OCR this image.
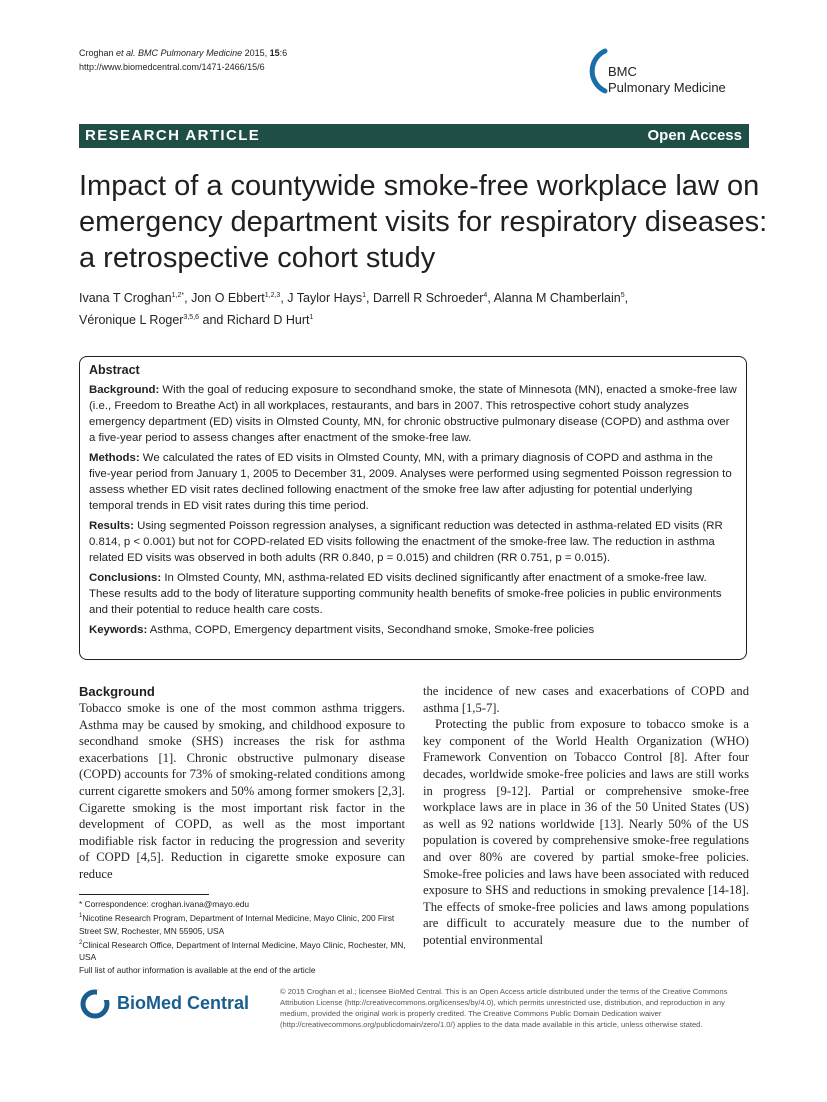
Croghan et al. BMC Pulmonary Medicine 2015, 15:6
http://www.biomedcentral.com/1471-2466/15/6	BMC
Pulmonary Medicine
RESEARCH ARTICLE	Open Access
Impact of a countywide smoke-free workplace law on emergency department visits for respiratory diseases: a retrospective cohort study
Ivana T Croghan$^{1,2*}$, Jon O Ebbert$^{1,2,3}$, J Taylor Hays$^1$, Darrell R Schroeder$^4$, Alanna M Chamberlain$^5$,
Véronique L Roger$^{3,5,6}$ and Richard D Hurt$^1$
Abstract

Background: With the goal of reducing exposure to secondhand smoke, the state of Minnesota (MN), enacted a smoke-free law (i.e., Freedom to Breathe Act) in all workplaces, restaurants, and bars in 2007. This retrospective cohort study analyzes emergency department (ED) visits in Olmsted County, MN, for chronic obstructive pulmonary disease (COPD) and asthma over a five-year period to assess changes after enactment of the smoke-free law.

Methods: We calculated the rates of ED visits in Olmsted County, MN, with a primary diagnosis of COPD and asthma in the five-year period from January 1, 2005 to December 31, 2009. Analyses were performed using segmented Poisson regression to assess whether ED visit rates declined following enactment of the smoke free law after adjusting for potential underlying temporal trends in ED visit rates during this time period.

Results: Using segmented Poisson regression analyses, a significant reduction was detected in asthma-related ED visits (RR 0.814, p < 0.001) but not for COPD-related ED visits following the enactment of the smoke-free law. The reduction in asthma related ED visits was observed in both adults (RR 0.840, p = 0.015) and children (RR 0.751, p = 0.015).

Conclusions: In Olmsted County, MN, asthma-related ED visits declined significantly after enactment of a smoke-free law. These results add to the body of literature supporting community health benefits of smoke-free policies in public environments and their potential to reduce health care costs.

Keywords: Asthma, COPD, Emergency department visits, Secondhand smoke, Smoke-free policies

Background

Tobacco smoke is one of the most common asthma triggers. Asthma may be caused by smoking, and childhood exposure to secondhand smoke (SHS) increases the risk for asthma exacerbations [1]. Chronic obstructive pulmonary disease (COPD) accounts for 73% of smoking-related conditions among current cigarette smokers and 50% among former smokers [2,3]. Cigarette smoking is the most important risk factor in the development of COPD, as well as the most important modifiable risk factor in reducing the progression and severity of COPD [4,5]. Reduction in cigarette smoke exposure can reduce

the incidence of new cases and exacerbations of COPD and asthma [1,5-7].

Protecting the public from exposure to tobacco smoke is a key component of the World Health Organization (WHO) Framework Convention on Tobacco Control [8]. After four decades, worldwide smoke-free policies and laws are still works in progress [9-12]. Partial or comprehensive smoke-free workplace laws are in place in 36 of the 50 United States (US) as well as 92 nations worldwide [13]. Nearly 50% of the US population is covered by comprehensive smoke-free regulations and over 80% are covered by partial smoke-free policies. Smoke-free policies and laws have been associated with reduced exposure to SHS and reductions in smoking prevalence [14-18]. The effects of smoke-free policies and laws among populations are difficult to accurately measure due to the number of potential environmental

* Correspondence: croghan.ivana@mayo.edu

$^1$Nicotine Research Program, Department of Internal Medicine, Mayo Clinic, 200 First Street SW, Rochester, MN 55905, USA

$^2$Clinical Research Office, Department of Internal Medicine, Mayo Clinic, Rochester, MN, USA

Full list of author information is available at the end of the article

BioMed Central
© 2015 Croghan et al.; licensee BioMed Central. This is an Open Access article distributed under the terms of the Creative Commons Attribution License (http://creativecommons.org/licenses/by/4.0), which permits unrestricted use, distribution, and reproduction in any medium, provided the original work is properly credited. The Creative Commons Public Domain Dedication waiver (http://creativecommons.org/publicdomain/zero/1.0/) applies to the data made available in this article, unless otherwise stated.
